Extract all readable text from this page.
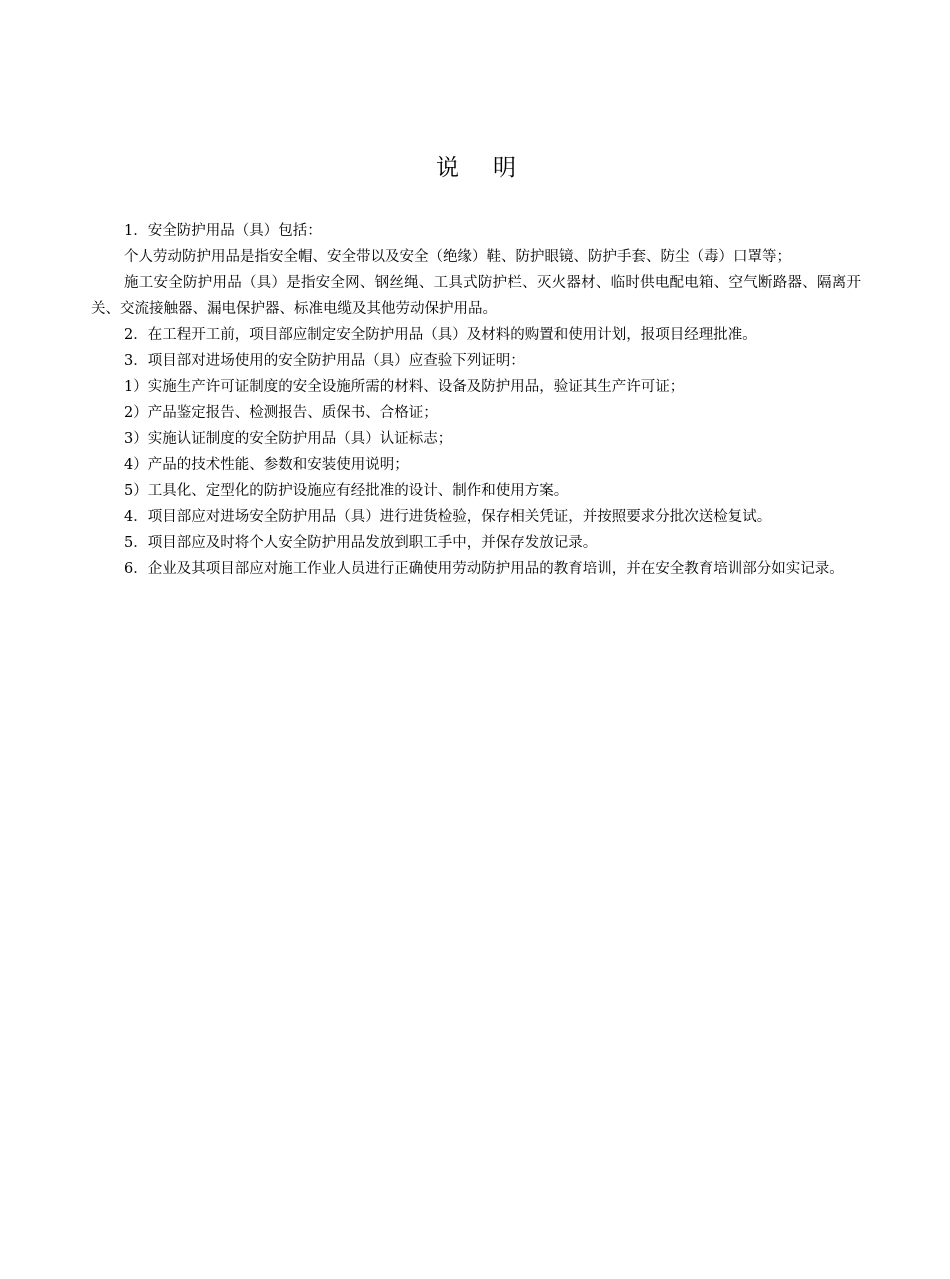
说 明

1．安全防护用品（具）包括：

个人劳动防护用品是指安全帽、安全带以及安全（绝缘）鞋、防护眼镜、防护手套、防尘（毒）口罩等；

施工安全防护用品（具）是指安全网、钢丝绳、工具式防护栏、灭火器材、临时供电配电箱、空气断路器、隔离开关、交流接触器、漏电保护器、标准电缆及其他劳动保护用品。

2．在工程开工前，项目部应制定安全防护用品（具）及材料的购置和使用计划，报项目经理批准。

3．项目部对进场使用的安全防护用品（具）应查验下列证明：

1）实施生产许可证制度的安全设施所需的材料、设备及防护用品，验证其生产许可证；

2）产品鉴定报告、检测报告、质保书、合格证；

3）实施认证制度的安全防护用品（具）认证标志；

4）产品的技术性能、参数和安装使用说明；

5）工具化、定型化的防护设施应有经批准的设计、制作和使用方案。

4．项目部应对进场安全防护用品（具）进行进货检验，保存相关凭证，并按照要求分批次送检复试。

5．项目部应及时将个人安全防护用品发放到职工手中，并保存发放记录。

6．企业及其项目部应对施工作业人员进行正确使用劳动防护用品的教育培训，并在安全教育培训部分如实记录。
